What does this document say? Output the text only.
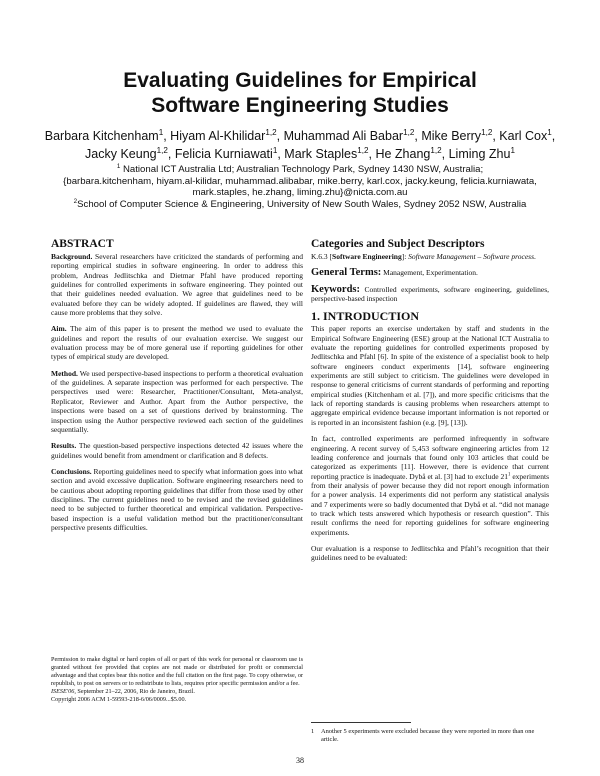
Evaluating Guidelines for Empirical
Software Engineering Studies
Barbara Kitchenham$^1$, Hiyam Al-Khilidar$^{1,2}$, Muhammad Ali Babar$^{1,2}$, Mike Berry$^{1,2}$, Karl Cox$^1$,
Jacky Keung$^{1,2}$, Felicia Kurniawati$^1$, Mark Staples$^{1,2}$, He Zhang$^{1,2}$, Liming Zhu$^1$
$^1$ National ICT Australia Ltd; Australian Technology Park, Sydney 1430 NSW, Australia;
{barbara.kitchenham, hiyam.al-kilidar, muhammad.alibabar, mike.berry, karl.cox, jacky.keung, felicia.kurniawata,
mark.staples, he.zhang, liming.zhu}@nicta.com.au
$^2$School of Computer Science & Engineering, University of New South Wales, Sydney 2052 NSW, Australia
ABSTRACT

Background. Several researchers have criticized the standards of performing and reporting empirical studies in software engineering. In order to address this problem, Andreas Jedlitschka and Dietmar Pfahl have produced reporting guidelines for controlled experiments in software engineering. They pointed out that their guidelines needed evaluation. We agree that guidelines need to be evaluated before they can be widely adopted. If guidelines are flawed, they will cause more problems that they solve.

Aim. The aim of this paper is to present the method we used to evaluate the guidelines and report the results of our evaluation exercise. We suggest our evaluation process may be of more general use if reporting guidelines for other types of empirical study are developed.

Method. We used perspective-based inspections to perform a theoretical evaluation of the guidelines. A separate inspection was performed for each perspective. The perspectives used were: Researcher, Practitioner/Consultant, Meta-analyst, Replicator, Reviewer and Author. Apart from the Author perspective, the inspections were based on a set of questions derived by brainstorming. The inspection using the Author perspective reviewed each section of the guidelines sequentially.

Results. The question-based perspective inspections detected 42 issues where the guidelines would benefit from amendment or clarification and 8 defects.

Conclusions. Reporting guidelines need to specify what information goes into what section and avoid excessive duplication. Software engineering researchers need to be cautious about adopting reporting guidelines that differ from those used by other disciplines. The current guidelines need to be revised and the revised guidelines need to be subjected to further theoretical and empirical validation. Perspective-based inspection is a useful validation method but the practitioner/consultant perspective presents difficulties.

Permission to make digital or hard copies of all or part of this work for personal or classroom use is granted without fee provided that copies are not made or distributed for profit or commercial advantage and that copies bear this notice and the full citation on the first page. To copy otherwise, or republish, to post on servers or to redistribute to lists, requires prior specific permission and/or a fee.
ISESE'06, September 21–22, 2006, Rio de Janeiro, Brazil.
Copyright 2006 ACM 1-59593-218-6/06/0009...$5.00.
Categories and Subject Descriptors

K.6.3 [Software Engineering]: Software Management – Software process.

General Terms: Management, Experimentation.

Keywords: Controlled experiments, software engineering, guidelines, perspective-based inspection

1. INTRODUCTION

This paper reports an exercise undertaken by staff and students in the Empirical Software Engineering (ESE) group at the National ICT Australia to evaluate the reporting guidelines for controlled experiments proposed by Jedlitschka and Pfahl [6]. In spite of the existence of a specialist book to help software engineers conduct experiments [14], software engineering experiments are still subject to criticism. The guidelines were developed in response to general criticisms of current standards of performing and reporting empirical studies (Kitchenham et al. [7]), and more specific criticisms that the lack of reporting standards is causing problems when researchers attempt to aggregate empirical evidence because important information is not reported or is reported in an inconsistent fashion (e.g. [9], [13]).

In fact, controlled experiments are performed infrequently in software engineering. A recent survey of 5,453 software engineering articles from 12 leading conference and journals that found only 103 articles that could be categorized as experiments [11]. However, there is evidence that current reporting practice is inadequate. Dybå et al. [3] had to exclude $21^1$ experiments from their analysis of power because they did not report enough information for a power analysis. 14 experiments did not perform any statistical analysis and 7 experiments were so badly documented that Dybå et al. “did not manage to track which tests answered which hypothesis or research question”. This result confirms the need for reporting guidelines for software engineering experiments.

Our evaluation is a response to Jedlitschka and Pfahl’s recognition that their guidelines need to be evaluated:

1 Another 5 experiments were excluded because they were reported in more than one article.
38
